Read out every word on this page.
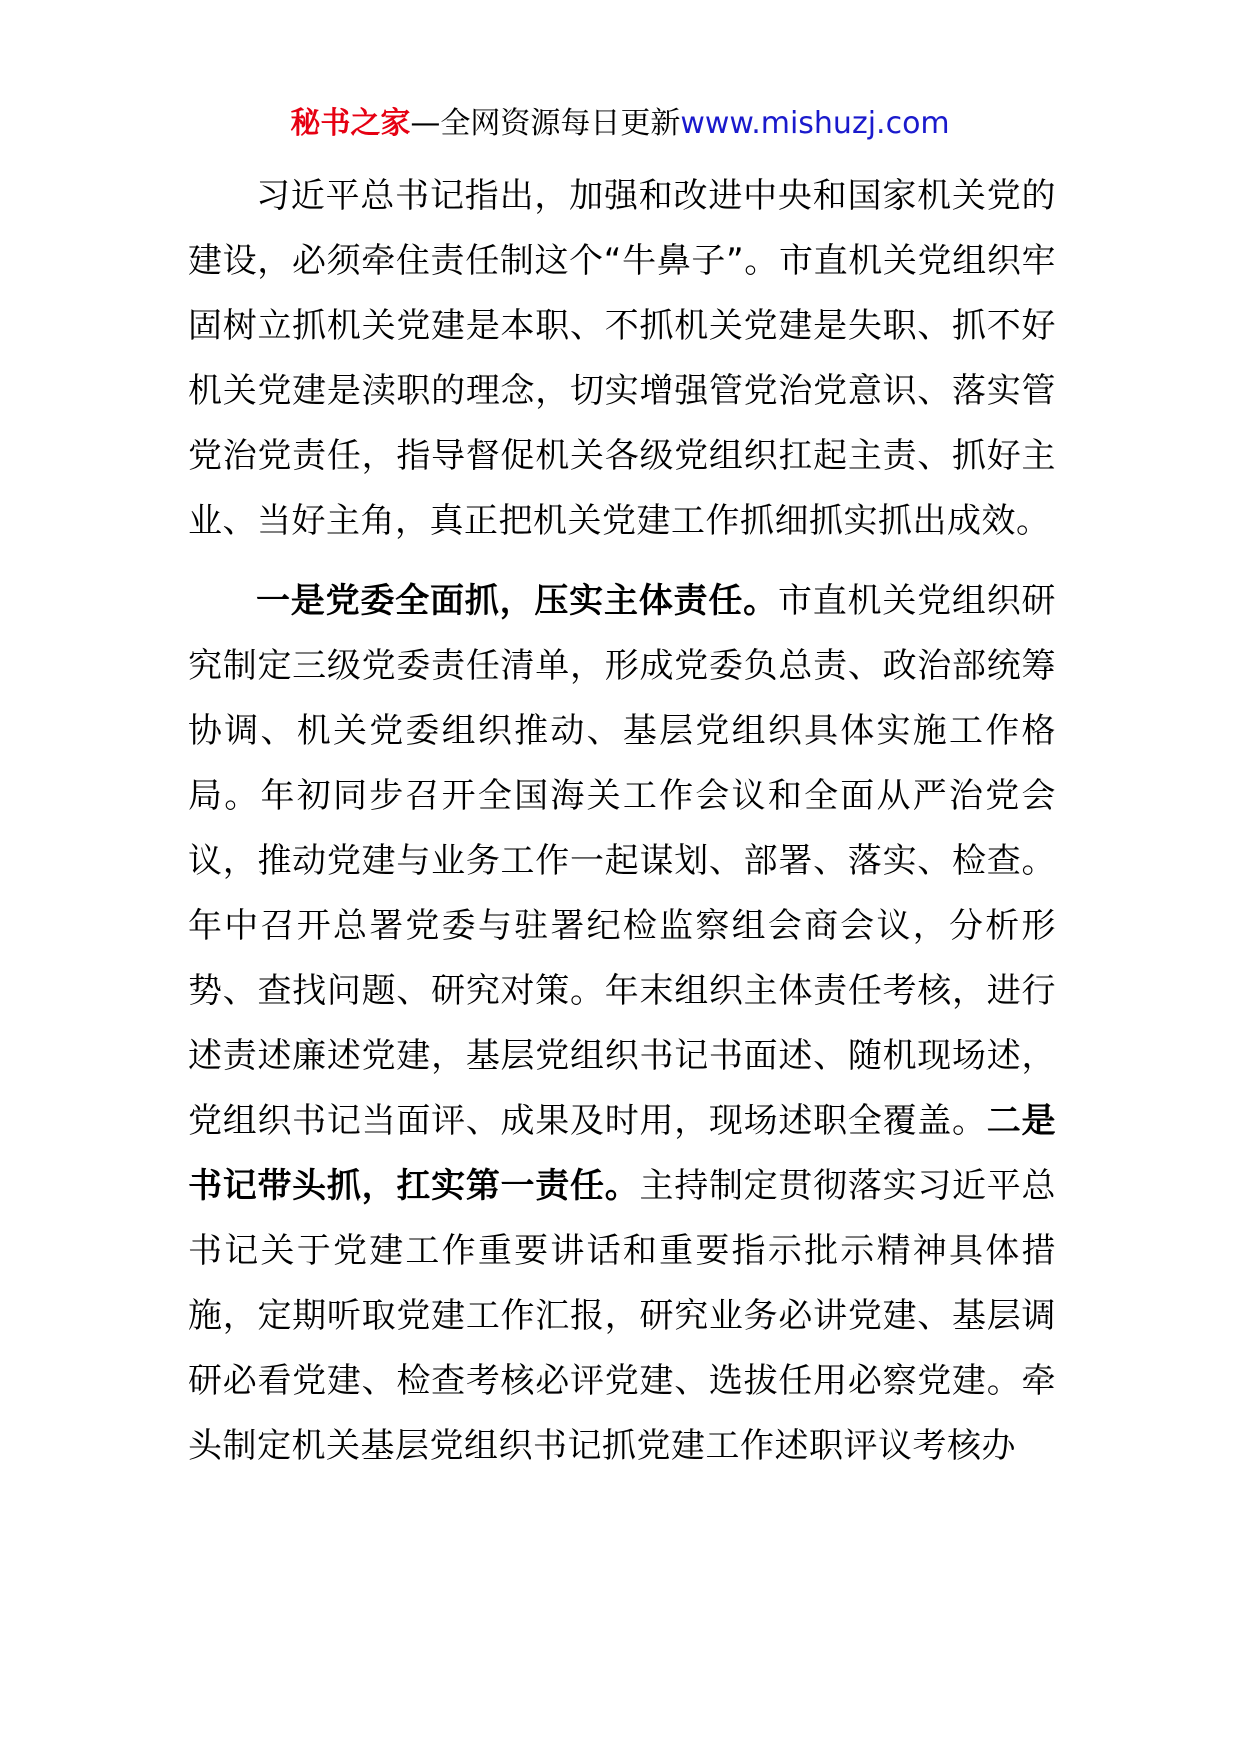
秘书之家—全网资源每日更新www.mishuzj.com

习近平总书记指出，加强和改进中央和国家机关党的建设，必须牵住责任制这个“牛鼻子”。市直机关党组织牢固树立抓机关党建是本职、不抓机关党建是失职、抓不好机关党建是渎职的理念，切实增强管党治党意识、落实管党治党责任，指导督促机关各级党组织扛起主责、抓好主业、当好主角，真正把机关党建工作抓细抓实抓出成效。

一是党委全面抓，压实主体责任。市直机关党组织研究制定三级党委责任清单，形成党委负总责、政治部统筹协调、机关党委组织推动、基层党组织具体实施工作格局。年初同步召开全国海关工作会议和全面从严治党会议，推动党建与业务工作一起谋划、部署、落实、检查。年中召开总署党委与驻署纪检监察组会商会议，分析形势、查找问题、研究对策。年末组织主体责任考核，进行述责述廉述党建，基层党组织书记书面述、随机现场述，党组织书记当面评、成果及时用，现场述职全覆盖。二是书记带头抓，扛实第一责任。主持制定贯彻落实习近平总书记关于党建工作重要讲话和重要指示批示精神具体措施，定期听取党建工作汇报，研究业务必讲党建、基层调研必看党建、检查考核必评党建、选拔任用必察党建。牵头制定机关基层党组织书记抓党建工作述职评议考核办
